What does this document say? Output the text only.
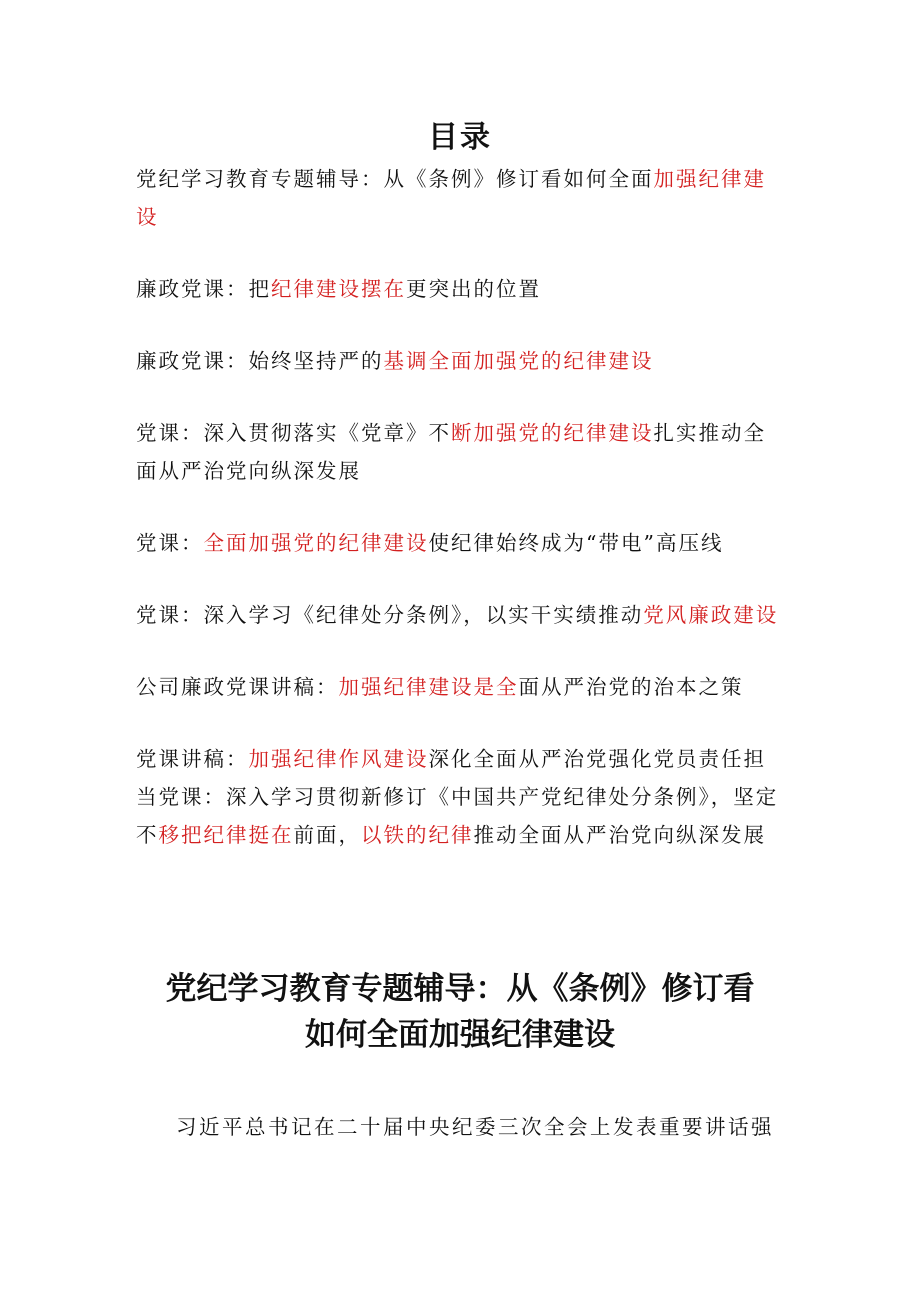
目录
党纪学习教育专题辅导：从《条例》修订看如何全面加强纪律建设
廉政党课：把纪律建设摆在更突出的位置
廉政党课：始终坚持严的基调全面加强党的纪律建设
党课：深入贯彻落实《党章》不断加强党的纪律建设扎实推动全面从严治党向纵深发展
党课：全面加强党的纪律建设使纪律始终成为“带电”高压线
党课：深入学习《纪律处分条例》，以实干实绩推动党风廉政建设
公司廉政党课讲稿：加强纪律建设是全面从严治党的治本之策
党课讲稿：加强纪律作风建设深化全面从严治党强化党员责任担当党课：深入学习贯彻新修订《中国共产党纪律处分条例》，坚定不移把纪律挺在前面，以铁的纪律推动全面从严治党向纵深发展
党纪学习教育专题辅导：从《条例》修订看
如何全面加强纪律建设
习近平总书记在二十届中央纪委三次全会上发表重要讲话强
